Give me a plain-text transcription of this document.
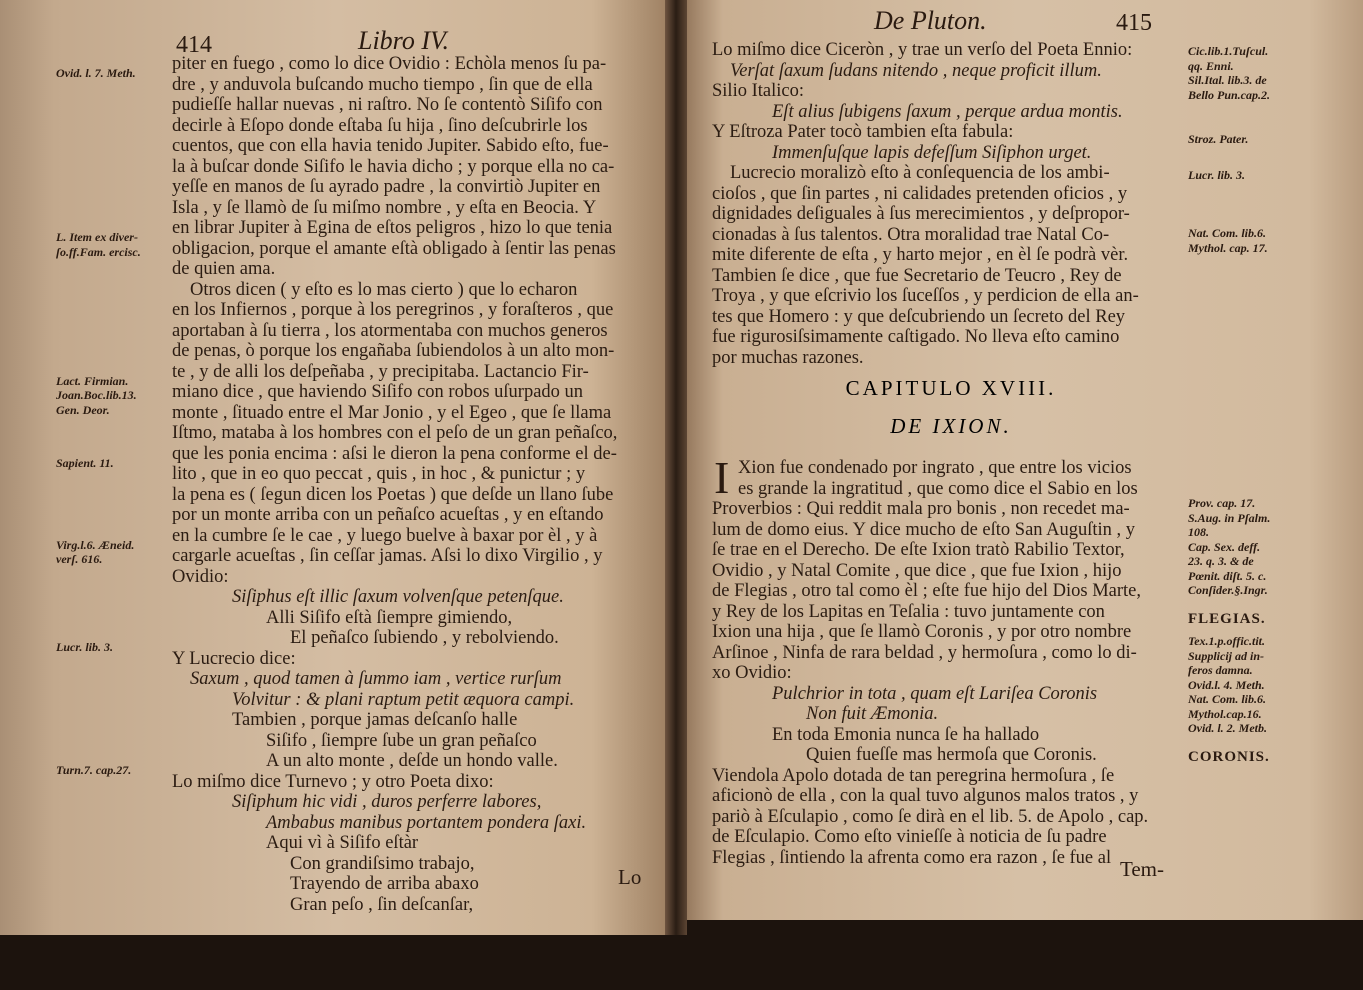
414	Libro IV.
piter en fuego , como lo dice Ovidio : Echòla menos ſu pa-
dre , y anduvola buſcando mucho tiempo , ſin que de ella
pudieſſe hallar nuevas , ni raſtro. No ſe contentò Siſifo con
decirle à Eſopo donde eſtaba ſu hija , ſino deſcubrirle los
cuentos, que con ella havia tenido Jupiter. Sabido eſto, fue-
la à buſcar donde Siſifo le havia dicho ; y porque ella no ca-
yeſſe en manos de ſu ayrado padre , la convirtiò Jupiter en
Isla , y ſe llamò de ſu miſmo nombre , y eſta en Beocia. Y
en librar Jupiter à Egina de eſtos peligros , hizo lo que tenia
obligacion, porque el amante eſtà obligado à ſentir las penas
de quien ama.
Otros dicen ( y eſto es lo mas cierto ) que lo echaron
en los Infiernos , porque à los peregrinos , y foraſteros , que
aportaban à ſu tierra , los atormentaba con muchos generos
de penas, ò porque los engañaba ſubiendolos à un alto mon-
te , y de alli los deſpeñaba , y precipitaba. Lactancio Fir-
miano dice , que haviendo Siſifo con robos uſurpado un
monte , ſituado entre el Mar Jonio , y el Egeo , que ſe llama
Iſtmo, mataba à los hombres con el peſo de un gran peñaſco,
que les ponia encima : aſsi le dieron la pena conforme el de-
lito , que in eo quo peccat , quis , in hoc , & punictur ; y
la pena es ( ſegun dicen los Poetas ) que deſde un llano ſube
por un monte arriba con un peñaſco acueſtas , y en eſtando
en la cumbre ſe le cae , y luego buelve à baxar por èl , y à
cargarle acueſtas , ſin ceſſar jamas. Aſsi lo dixo Virgilio , y
Ovidio:
Siſiphus eſt illic ſaxum volvenſque petenſque.
Alli Siſifo eſtà ſiempre gimiendo,
El peñaſco ſubiendo , y rebolviendo.
Y Lucrecio dice:
Saxum , quod tamen à ſummo iam , vertice rurſum
Volvitur : & plani raptum petit æquora campi.
Tambien , porque jamas deſcanſo halle
Siſifo , ſiempre ſube un gran peñaſco
A un alto monte , deſde un hondo valle.
Lo miſmo dice Turnevo ; y otro Poeta dixo:
Siſiphum hic vidi , duros perferre labores,
Ambabus manibus portantem pondera ſaxi.
Aqui vì à Siſifo eſtàr
Con grandiſsimo trabajo,
Trayendo de arriba abaxo
Gran peſo , ſin deſcanſar,
Ovid. l. 7. Meth.
L. Item ex diver-
ſo.ff.Fam. ercisc.
Lact. Firmian.
Joan.Boc.lib.13.
Gen. Deor.
Sapient. 11.
Virg.l.6. Æneid.
verſ. 616.
Lucr. lib. 3.
Turn.7. cap.27.
Lo
De Pluton.	415
Lo miſmo dice Ciceròn , y trae un verſo del Poeta Ennio:
Verſat ſaxum ſudans nitendo , neque proficit illum.
Silio Italico:
Eſt alius ſubigens ſaxum , perque ardua montis.
Y Eſtroza Pater tocò tambien eſta fabula:
Immenſuſque lapis defeſſum Siſiphon urget.
Lucrecio moralizò eſto à conſequencia de los ambi-
cioſos , que ſin partes , ni calidades pretenden oficios , y
dignidades deſiguales à ſus merecimientos , y deſpropor-
cionadas à ſus talentos. Otra moralidad trae Natal Co-
mite diferente de eſta , y harto mejor , en èl ſe podrà vèr.
Tambien ſe dice , que fue Secretario de Teucro , Rey de
Troya , y que eſcrivio los ſuceſſos , y perdicion de ella an-
tes que Homero : y que deſcubriendo un ſecreto del Rey
fue rigurosiſsimamente caſtigado. No lleva eſto camino
por muchas razones.
CAPITULO XVIII.
DE IXION.
I Xion fue condenado por ingrato , que entre los vicios
es grande la ingratitud , que como dice el Sabio en los
Proverbios : Qui reddit mala pro bonis , non recedet ma-
lum de domo eius. Y dice mucho de eſto San Auguſtin , y
ſe trae en el Derecho. De eſte Ixion tratò Rabilio Textor,
Ovidio , y Natal Comite , que dice , que fue Ixion , hijo
de Flegias , otro tal como èl ; eſte fue hijo del Dios Marte,
y Rey de los Lapitas en Teſalia : tuvo juntamente con
Ixion una hija , que ſe llamò Coronis , y por otro nombre
Arſinoe , Ninfa de rara beldad , y hermoſura , como lo di-
xo Ovidio:
Pulchrior in tota , quam eſt Lariſea Coronis
Non fuit Æmonia.
En toda Emonia nunca ſe ha hallado
Quien fueſſe mas hermoſa que Coronis.
Viendola Apolo dotada de tan peregrina hermoſura , ſe
aficionò de ella , con la qual tuvo algunos malos tratos , y
pariò à Eſculapio , como ſe dirà en el lib. 5. de Apolo , cap.
de Eſculapio. Como eſto vinieſſe à noticia de ſu padre
Flegias , ſintiendo la afrenta como era razon , ſe fue al
Cic.lib.1.Tuſcul.
qq. Enni.
Sil.Ital. lib.3. de
Bello Pun.cap.2.
Stroz. Pater.
Lucr. lib. 3.
Nat. Com. lib.6.
Mythol. cap. 17.
Prov. cap. 17.
S.Aug. in Pſalm.
108.
Cap. Sex. deff.
23. q. 3. & de
Pœnit. diſt. 5. c.
Conſider.§.Ingr.
FLEGIAS.
Tex.1.p.offic.tit.
Supplicij ad in-
feros damna.
Ovid.l. 4. Meth.
Nat. Com. lib.6.
Mythol.cap.16.
Ovid. l. 2. Metb.
CORONIS.
Tem-
